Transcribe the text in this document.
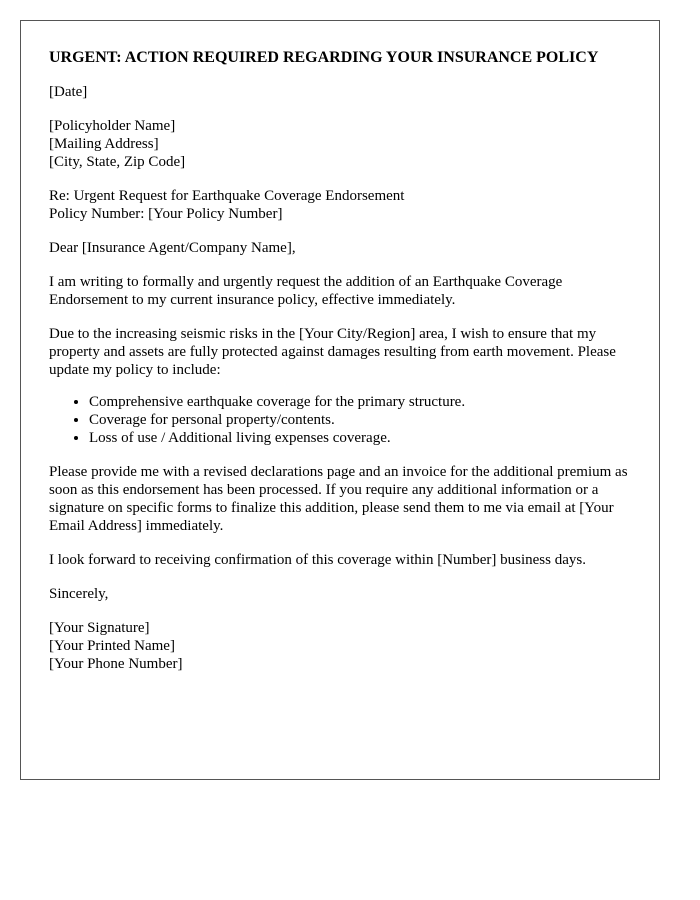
URGENT: ACTION REQUIRED REGARDING YOUR INSURANCE POLICY
[Date]
[Policyholder Name]
[Mailing Address]
[City, State, Zip Code]
Re: Urgent Request for Earthquake Coverage Endorsement
Policy Number: [Your Policy Number]
Dear [Insurance Agent/Company Name],
I am writing to formally and urgently request the addition of an Earthquake Coverage Endorsement to my current insurance policy, effective immediately.
Due to the increasing seismic risks in the [Your City/Region] area, I wish to ensure that my property and assets are fully protected against damages resulting from earth movement. Please update my policy to include:
• Comprehensive earthquake coverage for the primary structure.
• Coverage for personal property/contents.
• Loss of use / Additional living expenses coverage.
Please provide me with a revised declarations page and an invoice for the additional premium as soon as this endorsement has been processed. If you require any additional information or a signature on specific forms to finalize this addition, please send them to me via email at [Your Email Address] immediately.
I look forward to receiving confirmation of this coverage within [Number] business days.
Sincerely,
[Your Signature]
[Your Printed Name]
[Your Phone Number]
